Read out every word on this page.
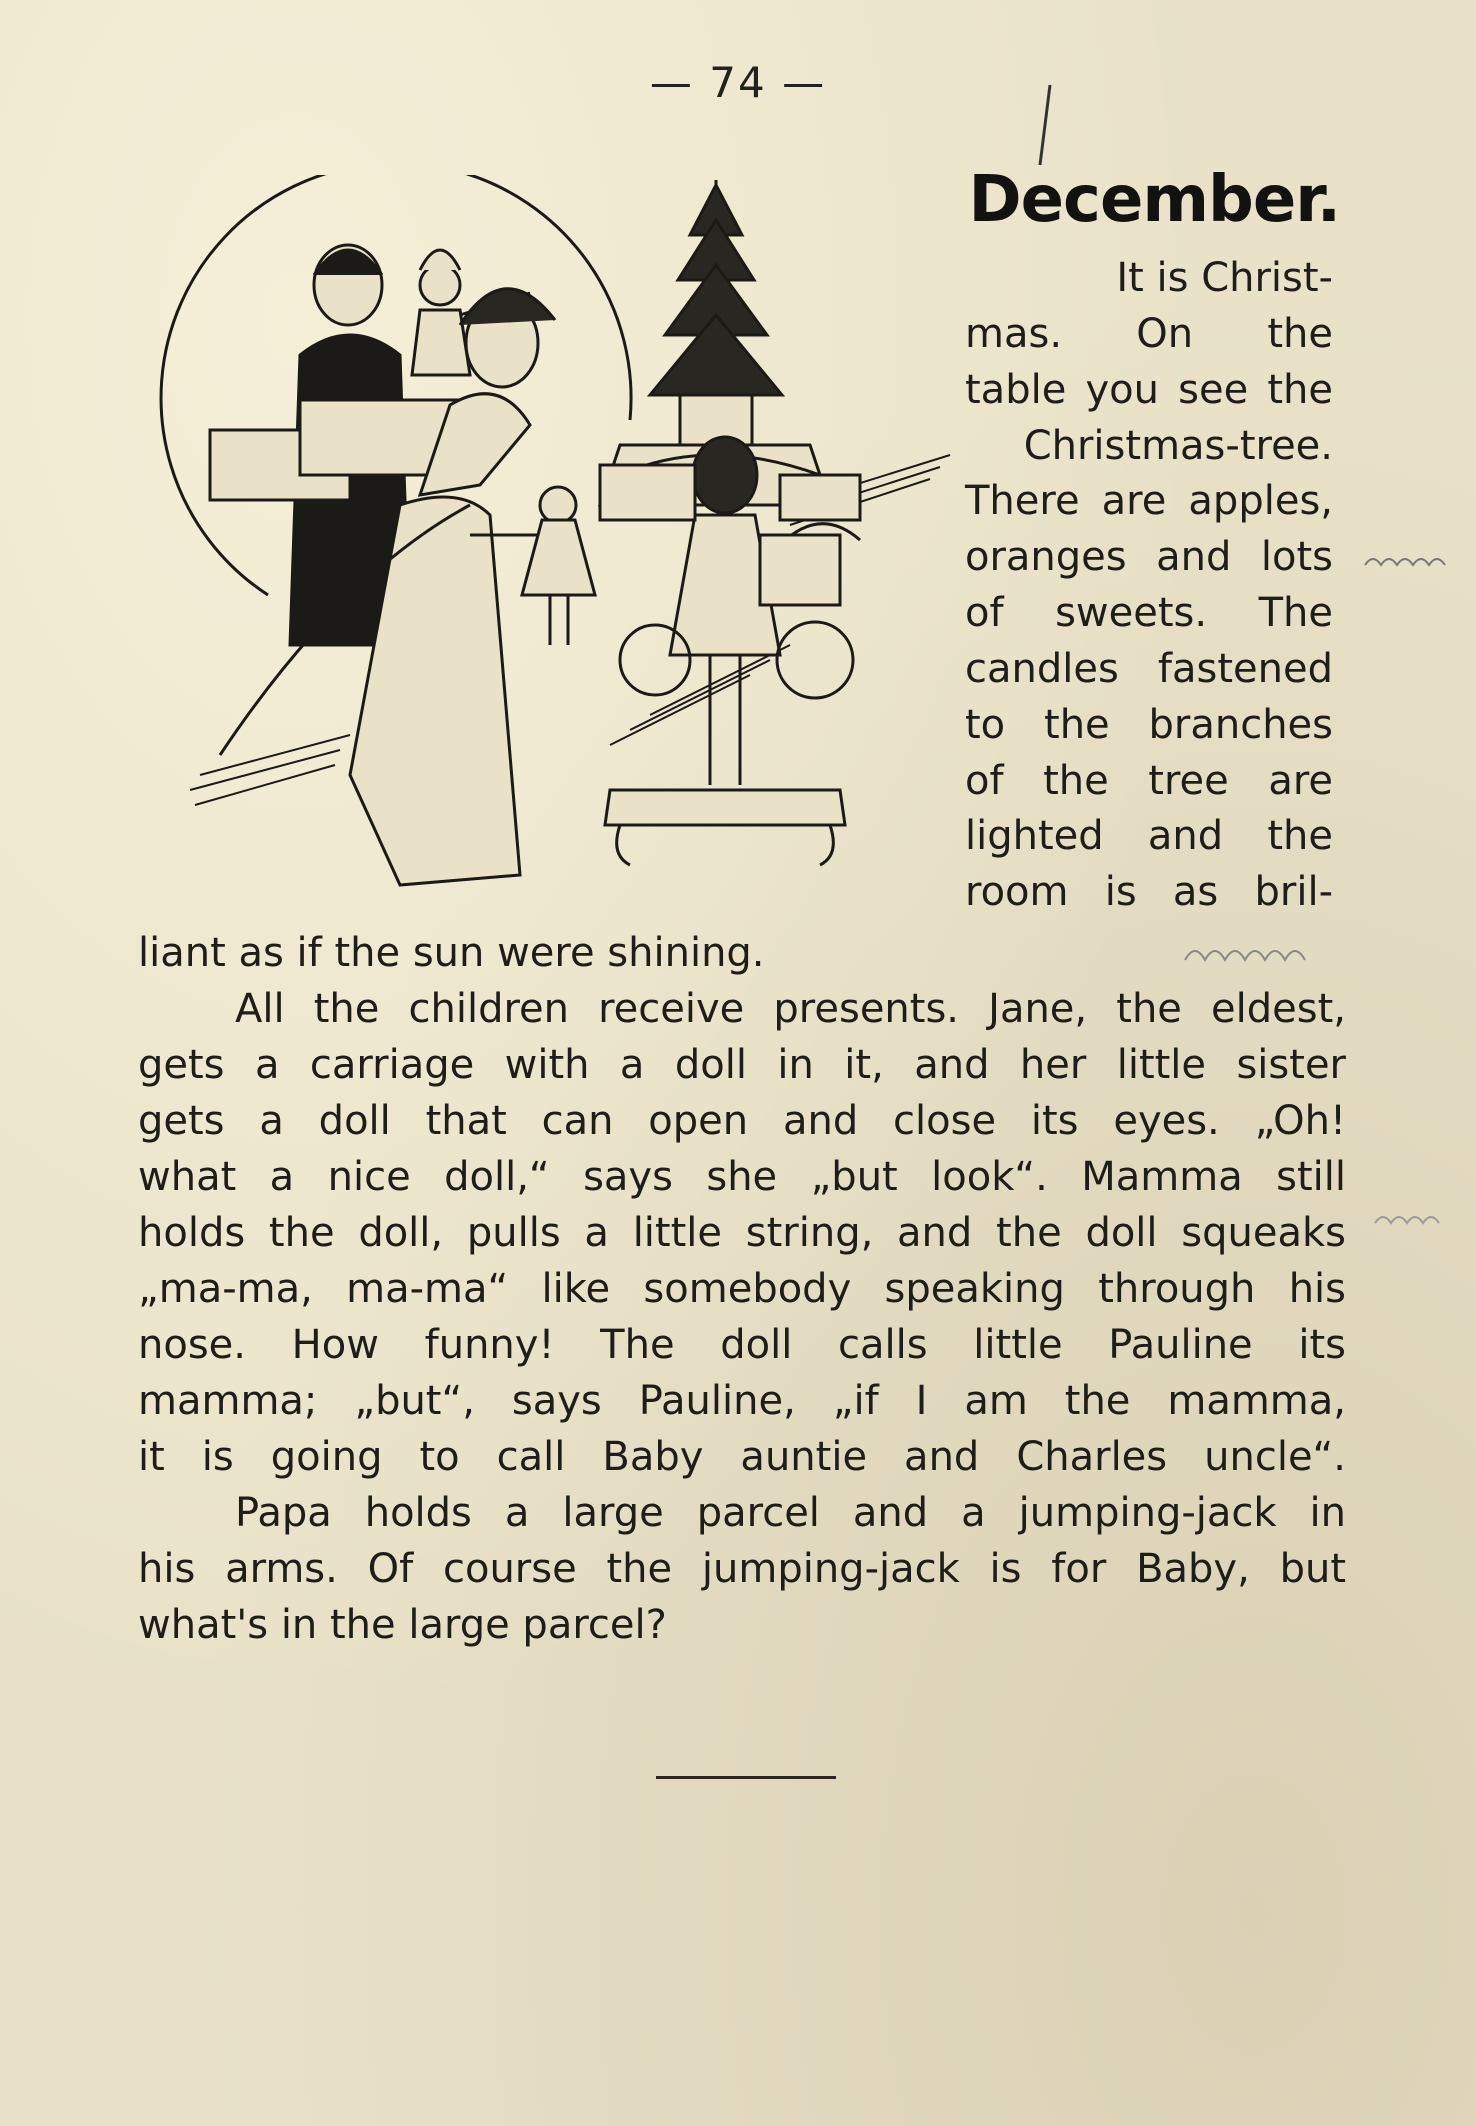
— 74 —
December.
It is Christ-
mas. On the
table you see the
Christmas-tree.
There are apples,
oranges and lots
of sweets. The
candles fastened
to the branches
of the tree are
lighted and the
room is as bril-
liant as if the sun were shining.
All the children receive presents. Jane, the eldest,
gets a carriage with a doll in it, and her little sister
gets a doll that can open and close its eyes. „Oh!
what a nice doll,“ says she „but look“. Mamma still
holds the doll, pulls a little string, and the doll squeaks
„ma-ma, ma-ma“ like somebody speaking through his
nose. How funny! The doll calls little Pauline its
mamma; „but“, says Pauline, „if I am the mamma,
it is going to call Baby auntie and Charles uncle“.
Papa holds a large parcel and a jumping-jack in
his arms. Of course the jumping-jack is for Baby, but
what's in the large parcel?
